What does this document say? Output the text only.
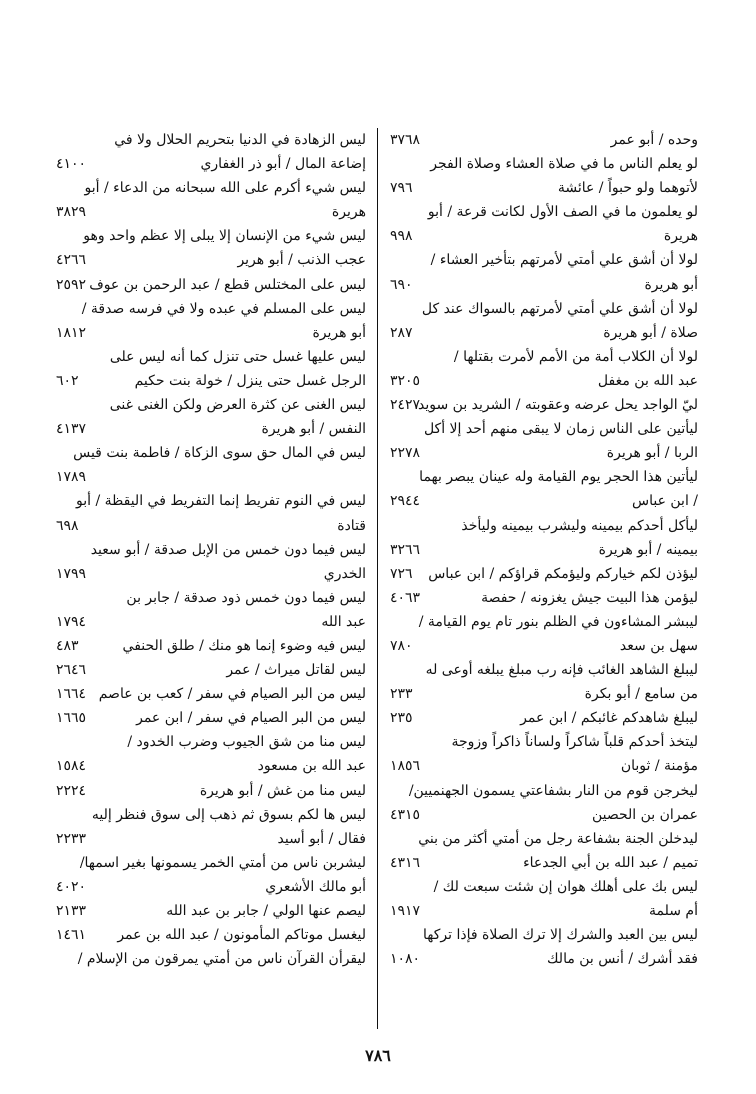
وحده / أبو عمر
٣٧٦٨
لو يعلم الناس ما في صلاة العشاء وصلاة الفجر
لأتوهما ولو حبواً / عائشة
٧٩٦
لو يعلمون ما في الصف الأول لكانت قرعة / أبو
هريرة
٩٩٨
لولا أن أشق علي أمتي لأمرتهم بتأخير العشاء /
أبو هريرة
٦٩٠
لولا أن أشق علي أمتي لأمرتهم بالسواك عند كل
صلاة / أبو هريرة
٢٨٧
لولا أن الكلاب أمة من الأمم لأمرت بقتلها /
عبد الله بن مغفل
٣٢٠٥
ليّ الواجد يحل عرضه وعقوبته / الشريد بن سويد
٢٤٢٧
ليأتين على الناس زمان لا يبقى منهم أحد إلا أكل
الربا / أبو هريرة
٢٢٧٨
ليأتين هذا الحجر يوم القيامة وله عينان يبصر بهما
/ ابن عباس
٢٩٤٤
ليأكل أحدكم بيمينه وليشرب بيمينه وليأخذ
بيمينه / أبو هريرة
٣٢٦٦
ليؤذن لكم خياركم وليؤمكم قراؤكم / ابن عباس
٧٢٦
ليؤمن هذا البيت جيش يغزونه / حفصة
٤٠٦٣
ليبشر المشاءون في الظلم بنور تام يوم القيامة /
سهل بن سعد
٧٨٠
ليبلغ الشاهد الغائب فإنه رب مبلغ يبلغه أوعى له
من سامع / أبو بكرة
٢٣٣
ليبلغ شاهدكم غائبكم / ابن عمر
٢٣٥
ليتخذ أحدكم قلباً شاكراً ولساناً ذاكراً وزوجة
مؤمنة / ثوبان
١٨٥٦
ليخرجن قوم من النار بشفاعتي يسمون الجهنميين/
عمران بن الحصين
٤٣١٥
ليدخلن الجنة بشفاعة رجل من أمتي أكثر من بني
تميم / عبد الله بن أبي الجدعاء
٤٣١٦
ليس بك على أهلك هوان إن شئت سبعت لك /
أم سلمة
١٩١٧
ليس بين العبد والشرك إلا ترك الصلاة فإذا تركها
فقد أشرك / أنس بن مالك
١٠٨٠
ليس الزهادة في الدنيا بتحريم الحلال ولا في
إضاعة المال / أبو ذر الغفاري
٤١٠٠
ليس شيء أكرم على الله سبحانه من الدعاء / أبو
هريرة
٣٨٢٩
ليس شيء من الإنسان إلا يبلى إلا عظم واحد وهو
عجب الذنب / أبو هرير
٤٢٦٦
ليس على المختلس قطع / عبد الرحمن بن عوف
٢٥٩٢
ليس على المسلم في عبده ولا في فرسه صدقة /
أبو هريرة
١٨١٢
ليس عليها غسل حتى تنزل كما أنه ليس على
الرجل غسل حتى ينزل / خولة بنت حكيم
٦٠٢
ليس الغنى عن كثرة العرض ولكن الغنى غنى
النفس / أبو هريرة
٤١٣٧
ليس في المال حق سوى الزكاة / فاطمة بنت قيس
١٧٨٩
ليس في النوم تفريط إنما التفريط في اليقظة / أبو
قتادة
٦٩٨
ليس فيما دون خمس من الإبل صدقة / أبو سعيد
الخدري
١٧٩٩
ليس فيما دون خمس ذود صدقة / جابر بن
عبد الله
١٧٩٤
ليس فيه وضوء إنما هو منك / طلق الحنفي
٤٨٣
ليس لقاتل ميراث / عمر
٢٦٤٦
ليس من البر الصيام في سفر / كعب بن عاصم
١٦٦٤
ليس من البر الصيام في سفر / ابن عمر
١٦٦٥
ليس منا من شق الجيوب وضرب الخدود /
عبد الله بن مسعود
١٥٨٤
ليس منا من غش / أبو هريرة
٢٢٢٤
ليس ها لكم بسوق ثم ذهب إلى سوق فنظر إليه
فقال / أبو أسيد
٢٢٣٣
ليشربن ناس من أمتي الخمر يسمونها بغير اسمها/
أبو مالك الأشعري
٤٠٢٠
ليصم عنها الولي / جابر بن عبد الله
٢١٣٣
ليغسل موتاكم المأمونون / عبد الله بن عمر
١٤٦١
ليقرأن القرآن ناس من أمتي يمرقون من الإسلام /
٧٨٦
